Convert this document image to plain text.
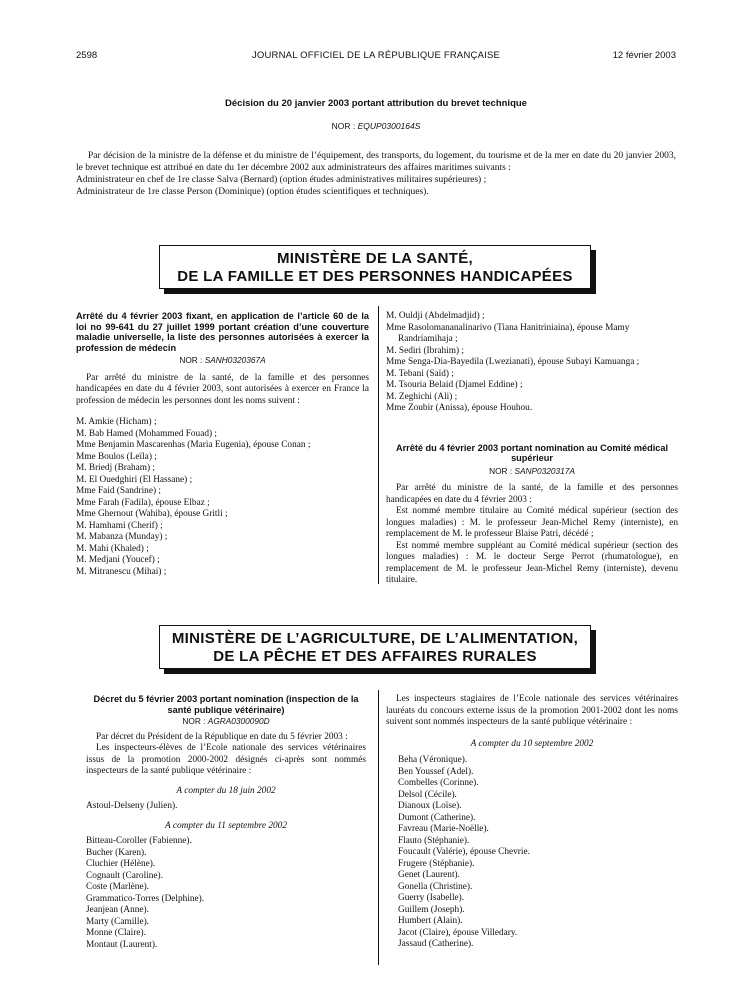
2598	JOURNAL OFFICIEL DE LA RÉPUBLIQUE FRANÇAISE	12 février 2003
Décision du 20 janvier 2003 portant attribution du brevet technique
NOR : EQUP0300164S

Par décision de la ministre de la défense et du ministre de l’équipement, des transports, du logement, du tourisme et de la mer en date du 20 janvier 2003, le brevet technique est attribué en date du 1er décembre 2002 aux administrateurs des affaires maritimes suivants :

Administrateur en chef de 1re classe Salva (Bernard) (option études administratives militaires supérieures) ;

Administrateur de 1re classe Person (Dominique) (option études scientifiques et techniques).

MINISTÈRE DE LA SANTÉ,
DE LA FAMILLE ET DES PERSONNES HANDICAPÉES
Arrêté du 4 février 2003 fixant, en application de l’article 60 de la loi no 99-641 du 27 juillet 1999 portant création d’une couverture maladie universelle, la liste des personnes autorisées à exercer la profession de médecin
NOR : SANH0320367A

Par arrêté du ministre de la santé, de la famille et des personnes handicapées en date du 4 février 2003, sont autorisées à exercer en France la profession de médecin les personnes dont les noms suivent :

M. Amkie (Hicham) ;
M. Bab Hamed (Mohammed Fouad) ;
Mme Benjamin Mascarenhas (Maria Eugenia), épouse Conan ;
Mme Boulos (Leïla) ;
M. Briedj (Braham) ;
M. El Ouedghiri (El Hassane) ;
Mme Faid (Sandrine) ;
Mme Farah (Fadila), épouse Elbaz ;
Mme Ghernout (Wahiba), épouse Gritli ;
M. Hamhami (Cherif) ;
M. Mabanza (Munday) ;
M. Mahi (Khaled) ;
M. Medjani (Youcef) ;
M. Mitranescu (Mihai) ;
M. Ouldji (Abdelmadjid) ;
Mme Rasolomananalinarivo (Tiana Hanitriniaina), épouse Mamy Randriamihaja ;
M. Sediri (Ibrahim) ;
Mme Senga-Dia-Bayedila (Lwezianati), épouse Subayi Kamuanga ;
M. Tebani (Saïd) ;
M. Tsouria Belaid (Djamel Eddine) ;
M. Zeghichi (Ali) ;
Mme Zoubir (Anissa), épouse Houhou.
Arrêté du 4 février 2003 portant nomination au Comité médical supérieur
NOR : SANP0320317A

Par arrêté du ministre de la santé, de la famille et des personnes handicapées en date du 4 février 2003 :

Est nommé membre titulaire au Comité médical supérieur (section des longues maladies) : M. le professeur Jean-Michel Remy (interniste), en remplacement de M. le professeur Blaise Patri, décédé ;

Est nommé membre suppléant au Comité médical supérieur (section des longues maladies) : M. le docteur Serge Perrot (rhumatologue), en remplacement de M. le professeur Jean-Michel Remy (interniste), devenu titulaire.

MINISTÈRE DE L’AGRICULTURE, DE L’ALIMENTATION,
DE LA PÊCHE ET DES AFFAIRES RURALES
Décret du 5 février 2003 portant nomination (inspection de la santé publique vétérinaire)
NOR : AGRA0300090D

Par décret du Président de la République en date du 5 février 2003 :

Les inspecteurs-élèves de l’Ecole nationale des services vétérinaires issus de la promotion 2000-2002 désignés ci-après sont nommés inspecteurs de la santé publique vétérinaire :

A compter du 18 juin 2002
Astoul-Delseny (Julien).
A compter du 11 septembre 2002
Bitteau-Coroller (Fabienne).
Bucher (Karen).
Cluchier (Hélène).
Cognault (Caroline).
Coste (Marlène).
Grammatico-Torres (Delphine).
Jeanjean (Anne).
Marty (Camille).
Monne (Claire).
Montaut (Laurent).

Les inspecteurs stagiaires de l’Ecole nationale des services vétérinaires lauréats du concours externe issus de la promotion 2001-2002 dont les noms suivent sont nommés inspecteurs de la santé publique vétérinaire :

A compter du 10 septembre 2002
Beha (Véronique).
Ben Youssef (Adel).
Combelles (Corinne).
Delsol (Cécile).
Dianoux (Loïse).
Dumont (Catherine).
Favreau (Marie-Noëlle).
Flauto (Stéphanie).
Foucault (Valérie), épouse Chevrie.
Frugere (Stéphanie).
Genet (Laurent).
Gonella (Christine).
Guerry (Isabelle).
Guillem (Joseph).
Humbert (Alain).
Jacot (Claire), épouse Villedary.
Jassaud (Catherine).
